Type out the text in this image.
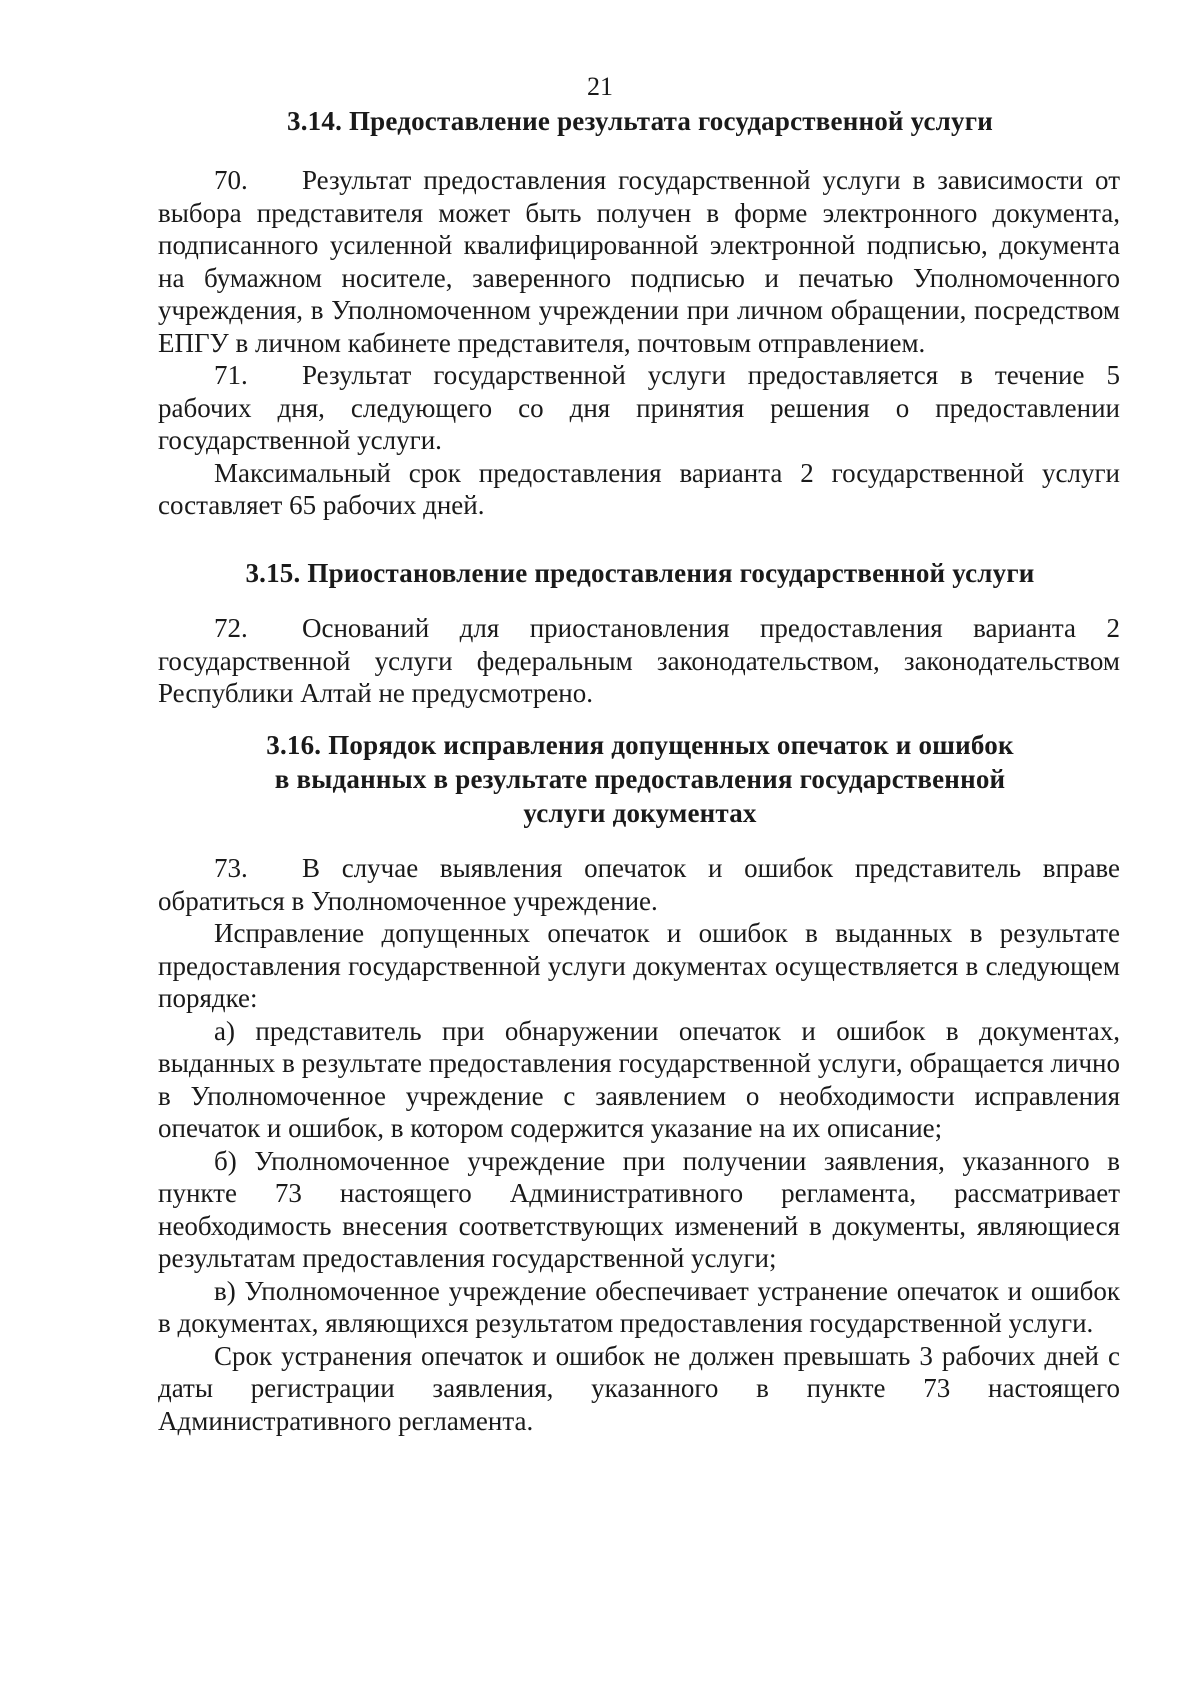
21
3.14. Предоставление результата государственной услуги

70. Результат предоставления государственной услуги в зависимости от выбора представителя может быть получен в форме электронного документа, подписанного усиленной квалифицированной электронной подписью, документа на бумажном носителе, заверенного подписью и печатью Уполномоченного учреждения, в Уполномоченном учреждении при личном обращении, посредством ЕПГУ в личном кабинете представителя, почтовым отправлением.

71. Результат государственной услуги предоставляется в течение 5 рабочих дня, следующего со дня принятия решения о предоставлении государственной услуги.

Максимальный срок предоставления варианта 2 государственной услуги составляет 65 рабочих дней.

3.15. Приостановление предоставления государственной услуги

72. Оснований для приостановления предоставления варианта 2 государственной услуги федеральным законодательством, законодательством Республики Алтай не предусмотрено.

3.16. Порядок исправления допущенных опечаток и ошибок
в выданных в результате предоставления государственной
услуги документах

73. В случае выявления опечаток и ошибок представитель вправе обратиться в Уполномоченное учреждение.

Исправление допущенных опечаток и ошибок в выданных в результате предоставления государственной услуги документах осуществляется в следующем порядке:

а) представитель при обнаружении опечаток и ошибок в документах, выданных в результате предоставления государственной услуги, обращается лично в Уполномоченное учреждение с заявлением о необходимости исправления опечаток и ошибок, в котором содержится указание на их описание;

б) Уполномоченное учреждение при получении заявления, указанного в пункте 73 настоящего Административного регламента, рассматривает необходимость внесения соответствующих изменений в документы, являющиеся результатам предоставления государственной услуги;

в) Уполномоченное учреждение обеспечивает устранение опечаток и ошибок в документах, являющихся результатом предоставления государственной услуги.

Срок устранения опечаток и ошибок не должен превышать 3 рабочих дней с даты регистрации заявления, указанного в пункте 73 настоящего Административного регламента.
